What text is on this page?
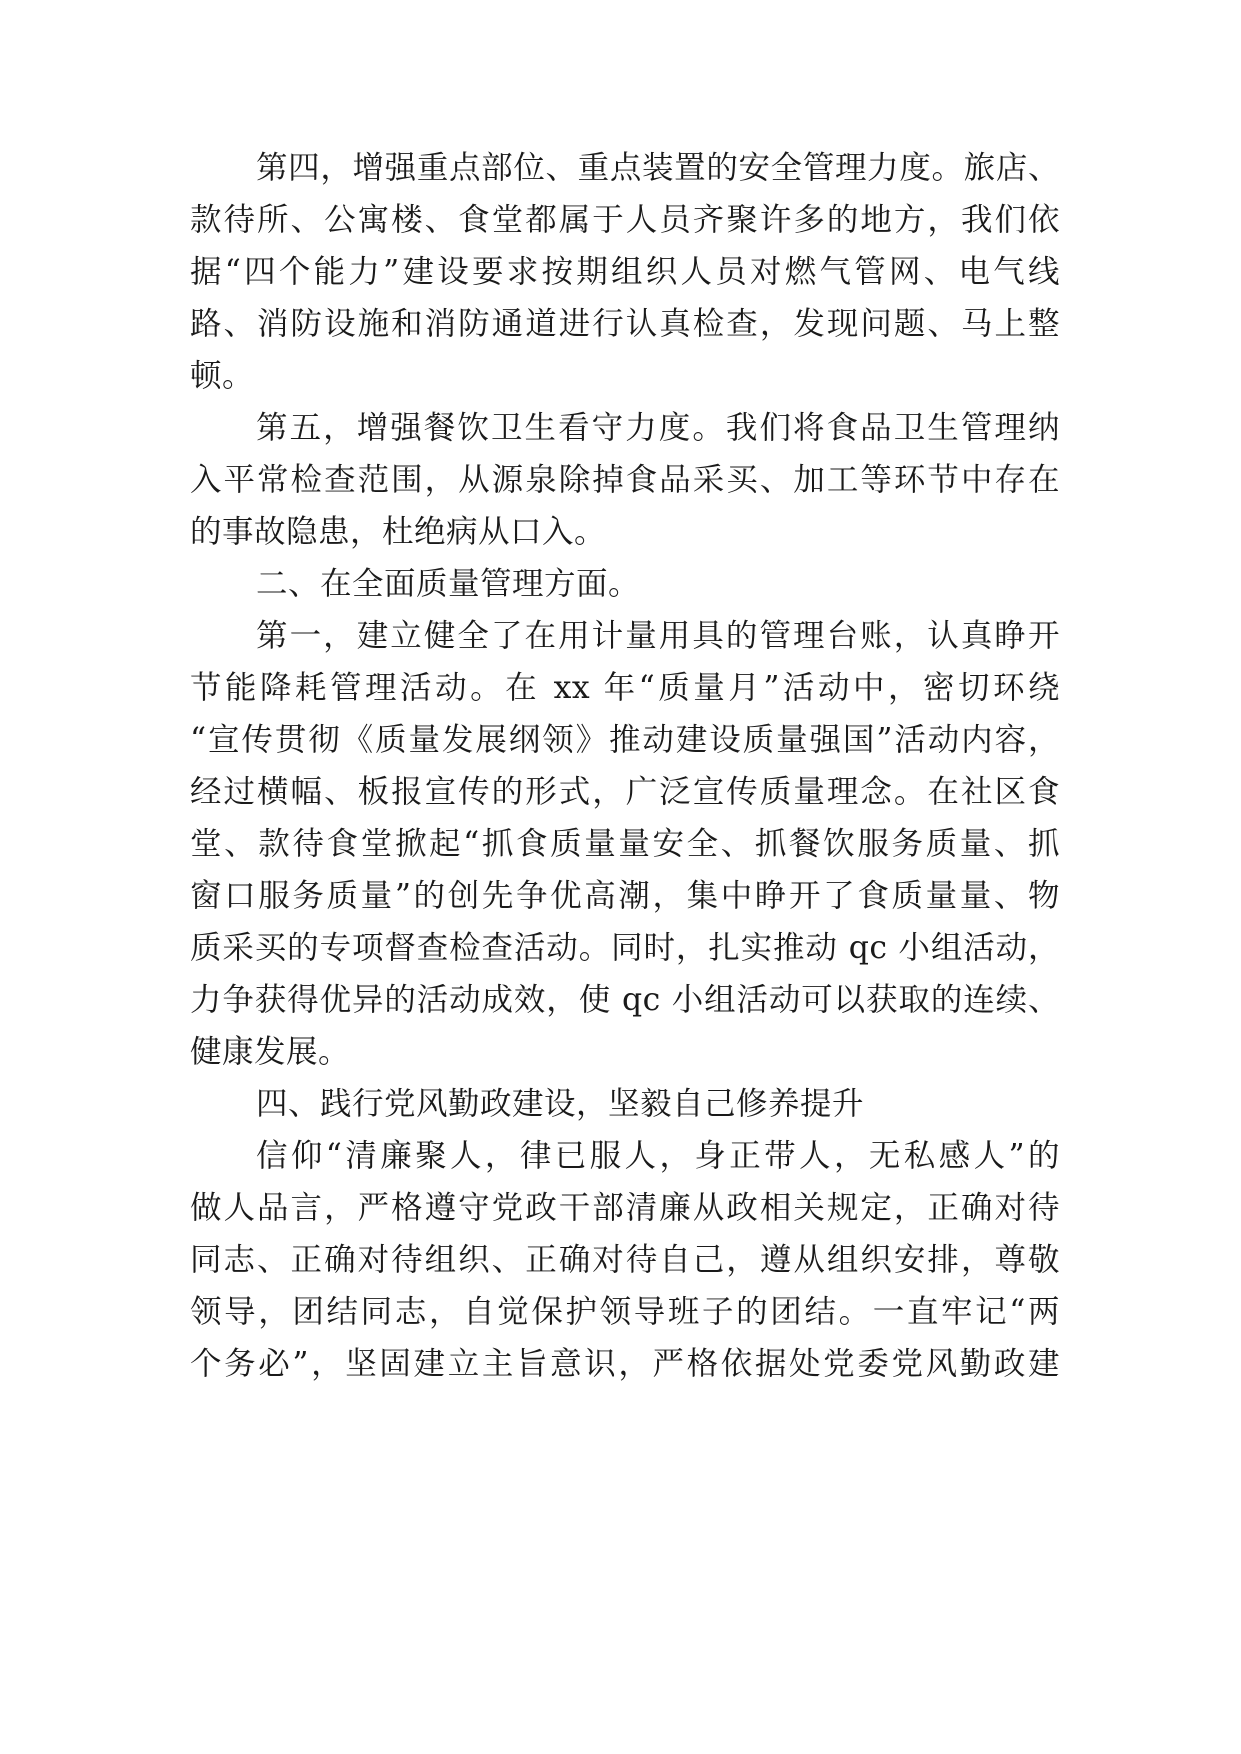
第四，增强重点部位、重点装置的安全管理力度。旅店、

款待所、公寓楼、食堂都属于人员齐聚许多的地方，我们依

据“四个能力”建设要求按期组织人员对燃气管网、电气线

路、消防设施和消防通道进行认真检查，发现问题、马上整

顿。

第五，增强餐饮卫生看守力度。我们将食品卫生管理纳

入平常检查范围，从源泉除掉食品采买、加工等环节中存在

的事故隐患，杜绝病从口入。

二、在全面质量管理方面。

第一，建立健全了在用计量用具的管理台账，认真睁开

节能降耗管理活动。在 xx 年“质量月”活动中，密切环绕

“宣传贯彻《质量发展纲领》推动建设质量强国”活动内容，

经过横幅、板报宣传的形式，广泛宣传质量理念。在社区食

堂、款待食堂掀起“抓食质量量安全、抓餐饮服务质量、抓

窗口服务质量”的创先争优高潮，集中睁开了食质量量、物

质采买的专项督查检查活动。同时，扎实推动 qc 小组活动，

力争获得优异的活动成效，使 qc 小组活动可以获取的连续、

健康发展。

四、践行党风勤政建设，坚毅自己修养提升

信仰“清廉聚人，律已服人，身正带人，无私感人”的

做人品言，严格遵守党政干部清廉从政相关规定，正确对待

同志、正确对待组织、正确对待自己，遵从组织安排，尊敬

领导，团结同志，自觉保护领导班子的团结。一直牢记“两

个务必”，坚固建立主旨意识，严格依据处党委党风勤政建
